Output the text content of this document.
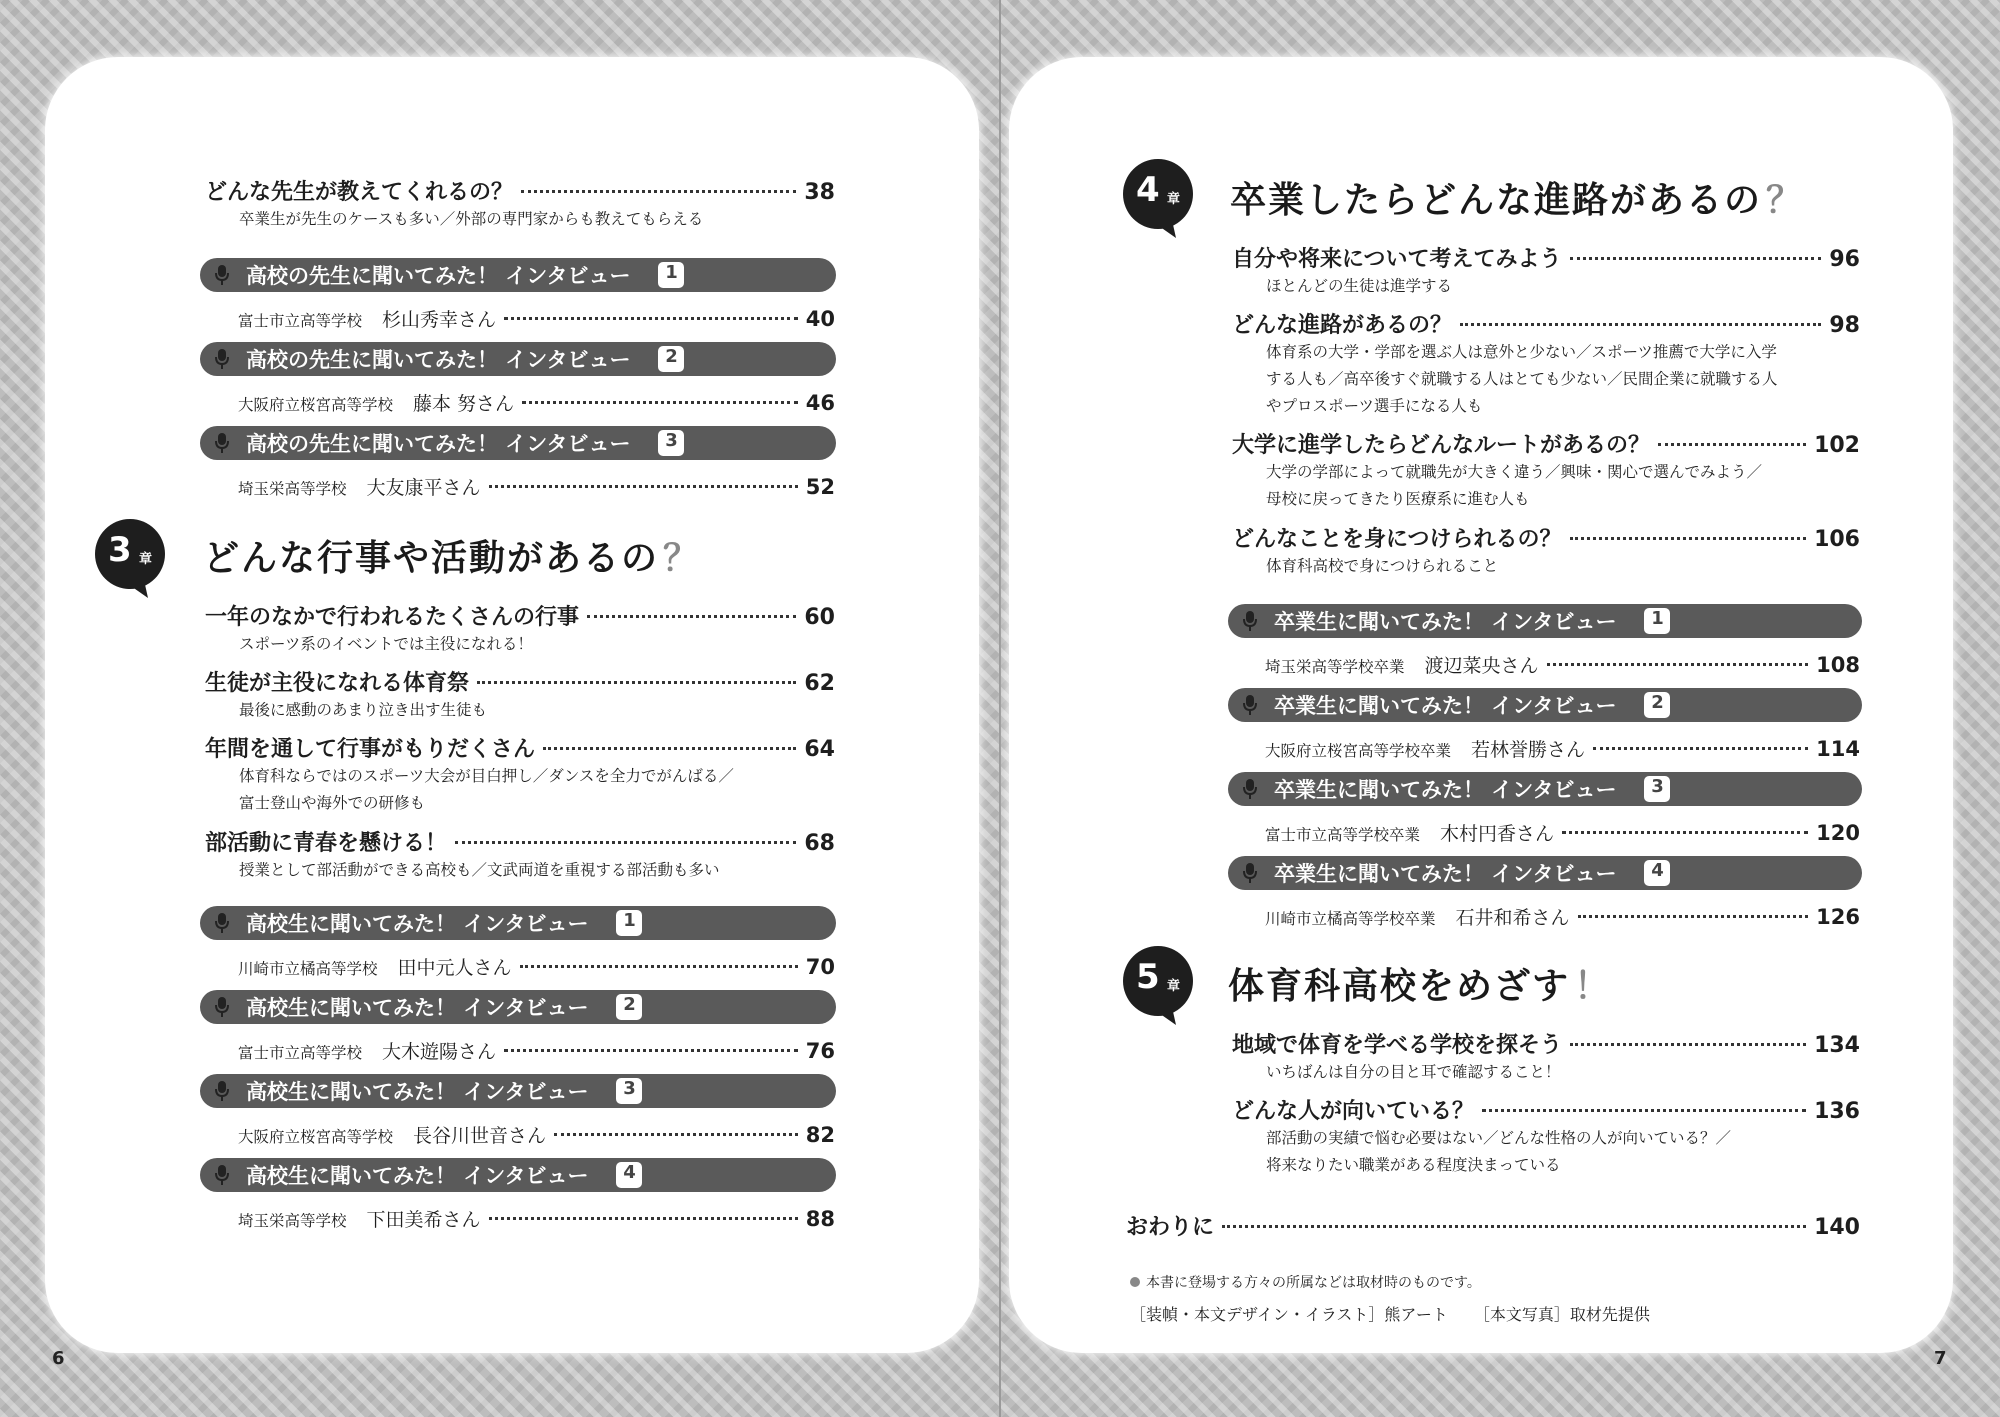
どんな先生が教えてくれるの？	38
卒業生が先生のケースも多い／外部の専門家からも教えてもらえる
高校の先生に聞いてみた！ インタビュー	1
富士市立高等学校 杉山秀幸さん	40
高校の先生に聞いてみた！ インタビュー	2
大阪府立桜宮高等学校 藤本 努さん	46
高校の先生に聞いてみた！ インタビュー	3
埼玉栄高等学校 大友康平さん	52
3 章 どんな行事や活動があるの ？
一年のなかで行われるたくさんの行事	60
スポーツ系のイベントでは主役になれる！
生徒が主役になれる体育祭	62
最後に感動のあまり泣き出す生徒も
年間を通して行事がもりだくさん	64
体育科ならではのスポーツ大会が目白押し／ダンスを全力でがんばる／
富士登山や海外での研修も
部活動に青春を懸ける！	68
授業として部活動ができる高校も／文武両道を重視する部活動も多い
高校生に聞いてみた！ インタビュー	1
川崎市立橘高等学校 田中元人さん	70
高校生に聞いてみた！ インタビュー	2
富士市立高等学校 大木遊陽さん	76
高校生に聞いてみた！ インタビュー	3
大阪府立桜宮高等学校 長谷川世音さん	82
高校生に聞いてみた！ インタビュー	4
埼玉栄高等学校 下田美希さん	88
6
4 章 卒業したらどんな進路があるの ？
自分や将来について考えてみよう	96
ほとんどの生徒は進学する
どんな進路があるの？	98
体育系の大学・学部を選ぶ人は意外と少ない／スポーツ推薦で大学に入学
する人も／高卒後すぐ就職する人はとても少ない／民間企業に就職する人
やプロスポーツ選手になる人も
大学に進学したらどんなルートがあるの？	102
大学の学部によって就職先が大きく違う／興味・関心で選んでみよう／
母校に戻ってきたり医療系に進む人も
どんなことを身につけられるの？	106
体育科高校で身につけられること
卒業生に聞いてみた！ インタビュー	1
埼玉栄高等学校卒業 渡辺菜央さん	108
卒業生に聞いてみた！ インタビュー	2
大阪府立桜宮高等学校卒業 若林誉勝さん	114
卒業生に聞いてみた！ インタビュー	3
富士市立高等学校卒業 木村円香さん	120
卒業生に聞いてみた！ インタビュー	4
川崎市立橘高等学校卒業 石井和希さん	126
5 章 体育科高校をめざす ！
地域で体育を学べる学校を探そう	134
いちばんは自分の目と耳で確認すること！
どんな人が向いている？	136
部活動の実績で悩む必要はない／どんな性格の人が向いている？／
将来なりたい職業がある程度決まっている
おわりに	140
本書に登場する方々の所属などは取材時のものです。
［装幀・本文デザイン・イラスト］熊アート ［本文写真］取材先提供
7
